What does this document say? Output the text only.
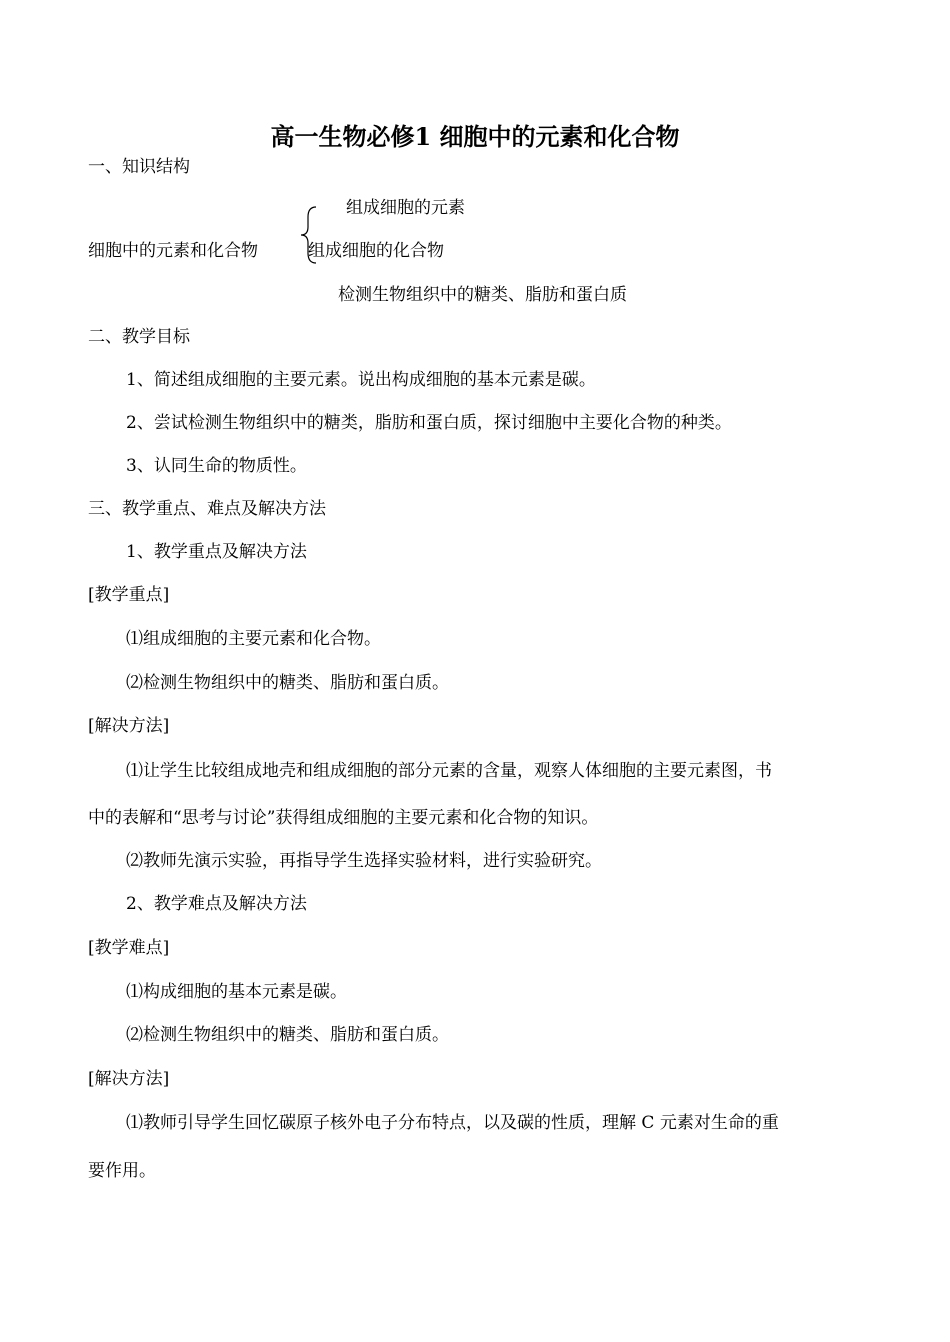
高一生物必修1 细胞中的元素和化合物
一、知识结构
组成细胞的元素
细胞中的元素和化合物	组成细胞的化合物
检测生物组织中的糖类、脂肪和蛋白质
二、教学目标
1、简述组成细胞的主要元素。说出构成细胞的基本元素是碳。
2、尝试检测生物组织中的糖类，脂肪和蛋白质，探讨细胞中主要化合物的种类。
3、认同生命的物质性。
三、教学重点、难点及解决方法
1、教学重点及解决方法
[教学重点]
⑴组成细胞的主要元素和化合物。
⑵检测生物组织中的糖类、脂肪和蛋白质。
[解决方法]
⑴让学生比较组成地壳和组成细胞的部分元素的含量，观察人体细胞的主要元素图，书
中的表解和“思考与讨论”获得组成细胞的主要元素和化合物的知识。
⑵教师先演示实验，再指导学生选择实验材料，进行实验研究。
2、教学难点及解决方法
[教学难点]
⑴构成细胞的基本元素是碳。
⑵检测生物组织中的糖类、脂肪和蛋白质。
[解决方法]
⑴教师引导学生回忆碳原子核外电子分布特点，以及碳的性质，理解 C 元素对生命的重
要作用。
